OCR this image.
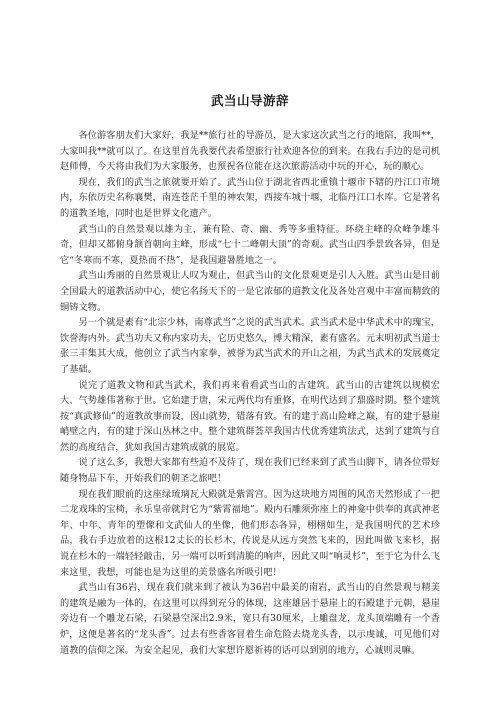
武当山导游辞

各位游客朋友们大家好，我是**旅行社的导游员，是大家这次武当之行的地陪，我叫**，大家叫我**就可以了。在这里首先我要代表希望旅行社欢迎各位的到来。在我右手边的是司机赵师傅，今天将由我们为大家服务，也预祝各位能在这次旅游活动中玩的开心，玩的顺心。

现在，我们的武当之旅就要开始了。武当山位于湖北省西北重镇十堰市下辖的丹江口市境内，东依历史名称襄樊，南连苍茫千里的神农架，西接车城十堰，北临丹江口水库。它是著名的道教圣地，同时也是世界文化遗产。

武当山的自然景观以雄为主，兼有险、奇、幽、秀等多重特征。环绕主峰的众峰争雄斗奇，但却又都俯身颔首朝向主峰，形成“七十二峰朝大顶”的奇观。武当山四季景致各异，但是它“冬寒而不寒，夏热而不热”，是我国避暑胜地之一。

武当山秀丽的自然景观让人叹为观止，但武当山的文化景观更是引人入胜。武当山是目前全国最大的道教活动中心，使它名扬天下的一是它浓郁的道教文化及各处宫观中丰富而精致的铜铸文物。

另一个就是素有“北宗少林，南尊武当”之说的武当武术。武当武术是中华武术中的瑰宝，饮誉海内外。武当功夫又称内家功夫，它历史悠久，博大精深，素有盛名。元末明初武当道士张三丰集其大成，他创立了武当内家拳，被誉为武当武术的开山之祖，为武当武术的发展奠定了基础。

说完了道教文物和武当武术，我们再来看看武当山的古建筑。武当山的古建筑以规模宏大、气势雄伟著称于世。它始建于唐，宋元两代均有重修，在明代达到了鼎盛时期。整个建筑按“真武修仙”的道教故事而设，因山就势，错落有致。有的建于高山险峰之巅，有的建于悬崖峭壁之内，有的建于深山丛林之中。整个建筑群荟萃我国古代优秀建筑法式，达到了建筑与自然的高度结合，犹如我国古建筑成就的展览。

说了这么多，我想大家都有些迫不及待了，现在我们已经来到了武当山脚下，请各位带好随身物品下车，开始我们的朝圣之旅吧！

现在我们眼前的这座绿琉璃瓦大殿就是紫霄宫。因为这块地方周围的风峦天然形成了一把二龙戏珠的宝椅，永乐皇帝就封它为“紫霄福地”。殿内石雕须弥座上的神龛中供奉的真武神老年、中年、青年的塑像和文武仙人的坐像，他们形态各异，栩栩如生，是我国明代的艺术珍品，我右手边放着的这根12丈长的长杉木，传说是从远方突然飞来的，因此叫做飞来杉，据说在杉木的一端轻轻敲击，另一端可以听到清脆的响声，因此又叫“响灵杉”，至于它为什么飞来这里，我想，可能也是为这里的美景盛名所吸引吧！

武当山有36岩，现在我们就来到了被认为36岩中最美的南岩，武当山的自然景观与精美的建筑是融为一体的，在这里可以得到充分的体现，这座雄居于悬崖上的石殿建于元朝，悬崖旁边有一个雕龙石梁，石梁悬空深出2.9米，宽只有30厘米，上雕盘龙，龙头顶端雕有一个香炉，这便是著名的“龙头香”。过去有些香客冒着生命危险去烧龙头香，以示虔诚，可见他们对道教的信仰之深。为安全起见，我们大家想许愿祈祷的话可以到别的地方，心诚则灵嘛。
